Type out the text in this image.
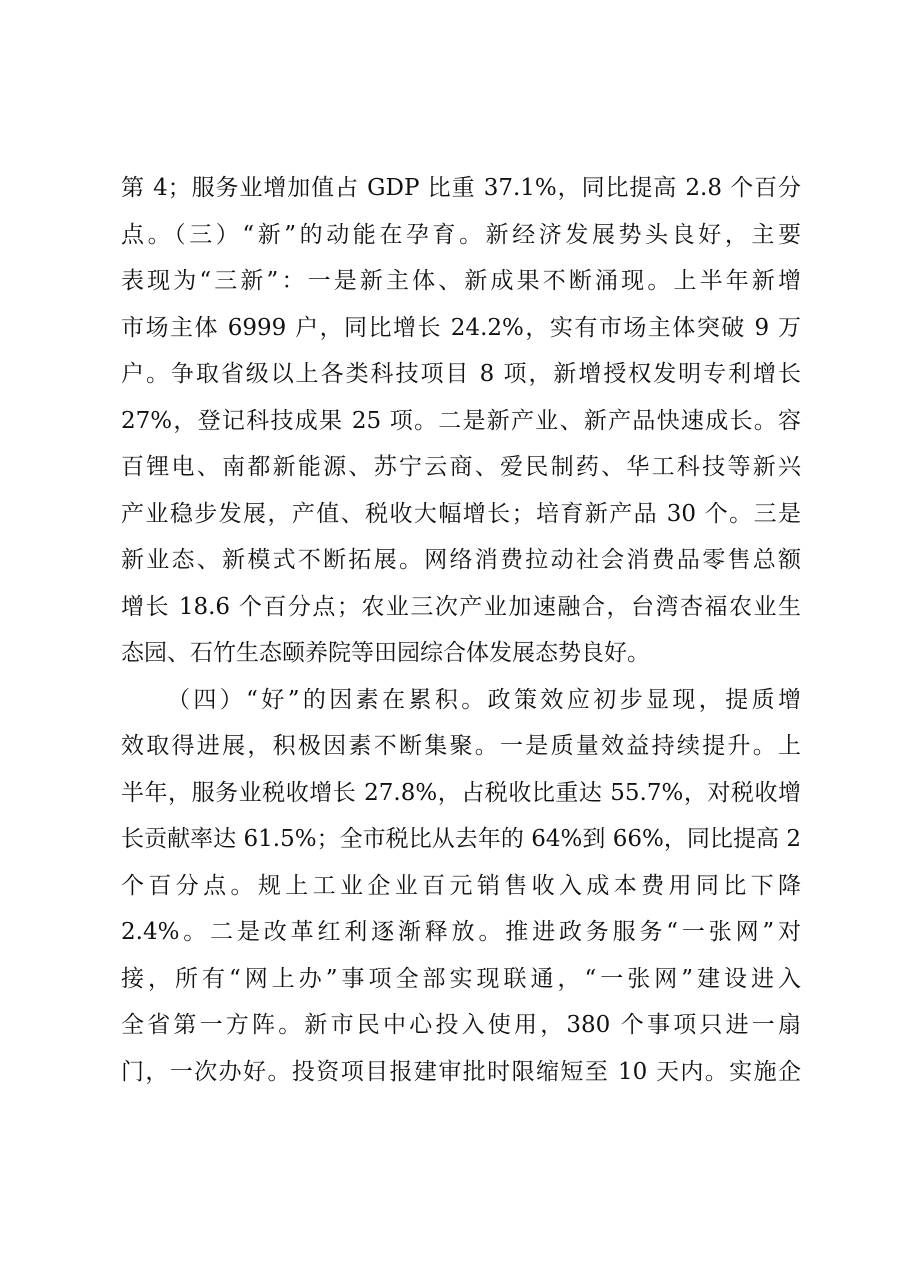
第 4；服务业增加值占 GDP 比重 37.1%，同比提高 2.8 个百分
点。（三）“新”的动能在孕育。新经济发展势头良好，主要
表现为“三新”：一是新主体、新成果不断涌现。上半年新增
市场主体 6999 户，同比增长 24.2%，实有市场主体突破 9 万
户。争取省级以上各类科技项目 8 项，新增授权发明专利增长
27%，登记科技成果 25 项。二是新产业、新产品快速成长。容
百锂电、南都新能源、苏宁云商、爱民制药、华工科技等新兴
产业稳步发展，产值、税收大幅增长；培育新产品 30 个。三是
新业态、新模式不断拓展。网络消费拉动社会消费品零售总额
增长 18.6 个百分点；农业三次产业加速融合，台湾杏福农业生
态园、石竹生态颐养院等田园综合体发展态势良好。
（四）“好”的因素在累积。政策效应初步显现，提质增
效取得进展，积极因素不断集聚。一是质量效益持续提升。上
半年，服务业税收增长 27.8%，占税收比重达 55.7%，对税收增
长贡献率达 61.5%；全市税比从去年的 64%到 66%，同比提高 2
个百分点。规上工业企业百元销售收入成本费用同比下降
2.4%。二是改革红利逐渐释放。推进政务服务“一张网”对
接，所有“网上办”事项全部实现联通，“一张网”建设进入
全省第一方阵。新市民中心投入使用，380 个事项只进一扇
门，一次办好。投资项目报建审批时限缩短至 10 天内。实施企
